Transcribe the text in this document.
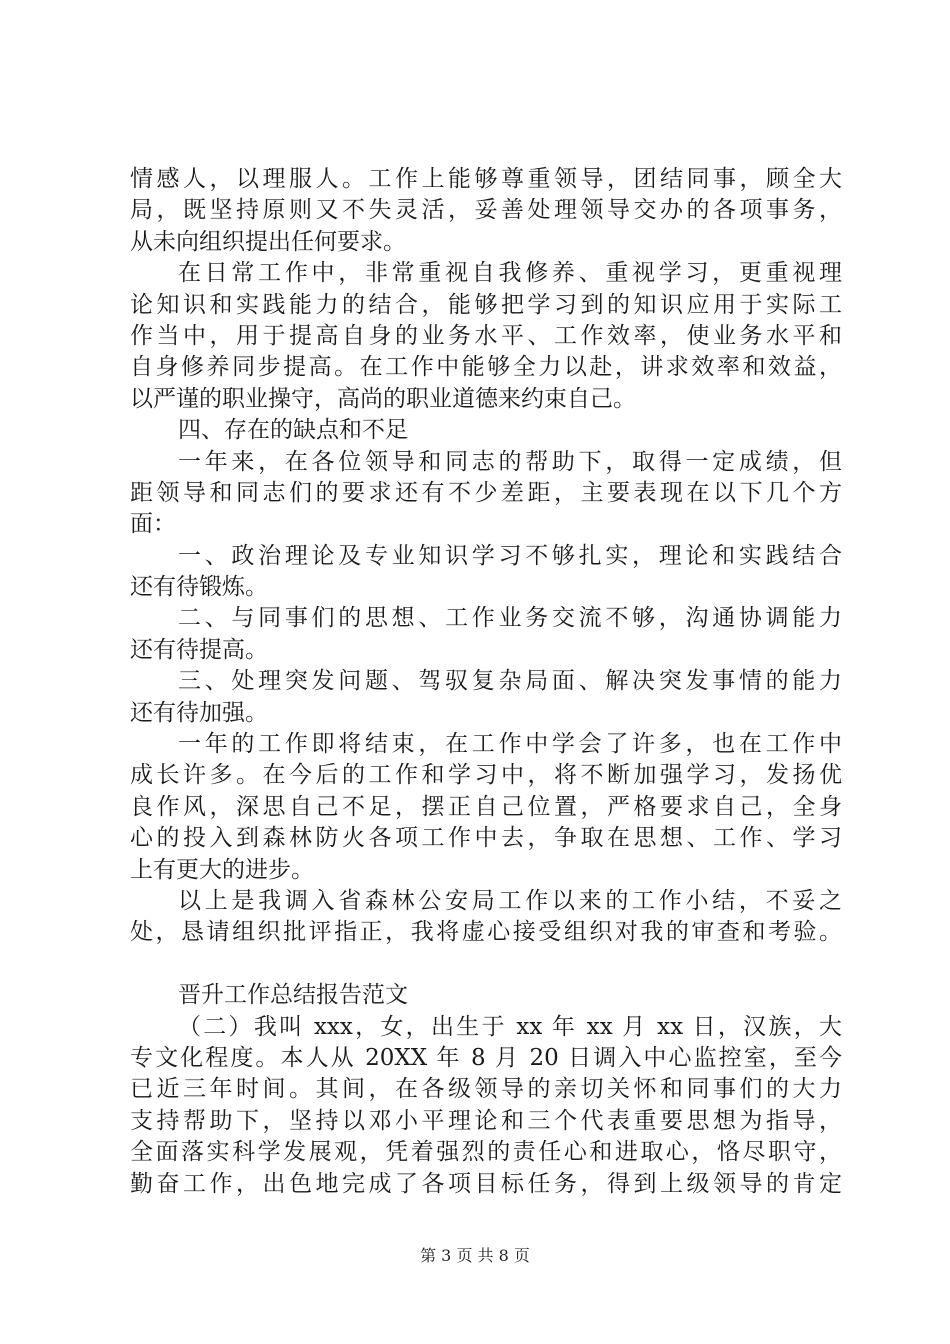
情感人，以理服人。工作上能够尊重领导，团结同事，顾全大
局，既坚持原则又不失灵活，妥善处理领导交办的各项事务，
从未向组织提出任何要求。
在日常工作中，非常重视自我修养、重视学习，更重视理
论知识和实践能力的结合，能够把学习到的知识应用于实际工
作当中，用于提高自身的业务水平、工作效率，使业务水平和
自身修养同步提高。在工作中能够全力以赴，讲求效率和效益，
以严谨的职业操守，高尚的职业道德来约束自己。
四、存在的缺点和不足
一年来，在各位领导和同志的帮助下，取得一定成绩，但
距领导和同志们的要求还有不少差距，主要表现在以下几个方
面：
一、政治理论及专业知识学习不够扎实，理论和实践结合
还有待锻炼。
二、与同事们的思想、工作业务交流不够，沟通协调能力
还有待提高。
三、处理突发问题、驾驭复杂局面、解决突发事情的能力
还有待加强。
一年的工作即将结束，在工作中学会了许多，也在工作中
成长许多。在今后的工作和学习中，将不断加强学习，发扬优
良作风，深思自己不足，摆正自己位置，严格要求自己，全身
心的投入到森林防火各项工作中去，争取在思想、工作、学习
上有更大的进步。
以上是我调入省森林公安局工作以来的工作小结，不妥之
处，恳请组织批评指正，我将虚心接受组织对我的审查和考验。
晋升工作总结报告范文
（二）我叫 xxx，女，出生于 xx 年 xx 月 xx 日，汉族，大
专文化程度。本人从 20XX 年 8 月 20 日调入中心监控室，至今
已近三年时间。其间，在各级领导的亲切关怀和同事们的大力
支持帮助下，坚持以邓小平理论和三个代表重要思想为指导，
全面落实科学发展观，凭着强烈的责任心和进取心，恪尽职守，
勤奋工作，出色地完成了各项目标任务，得到上级领导的肯定
第 3 页 共 8 页
